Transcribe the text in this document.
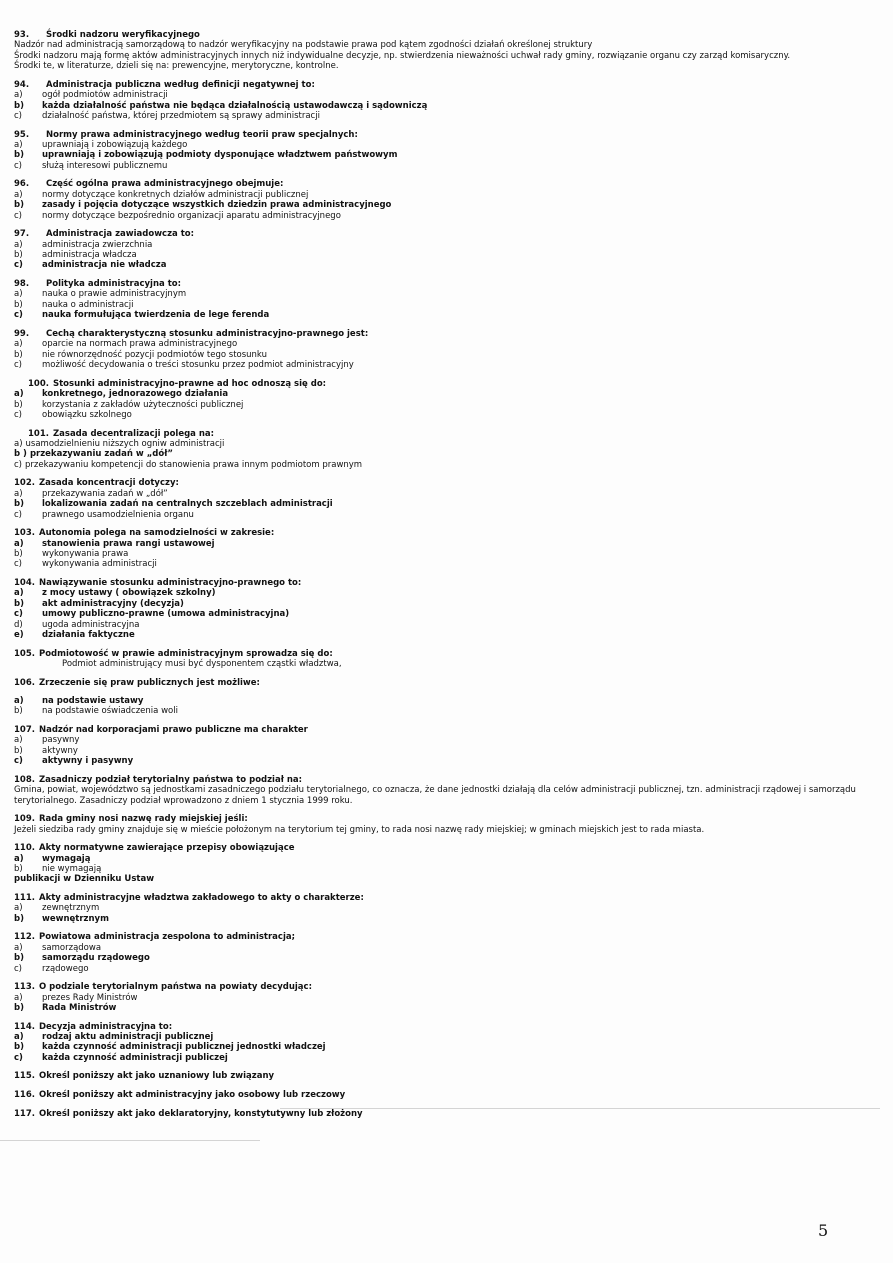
93. Środki nadzoru weryfikacyjnego
Nadzór nad administracją samorządową to nadzór weryfikacyjny na podstawie prawa pod kątem zgodności działań określonej struktury
Środki nadzoru mają formę aktów administracyjnych innych niż indywidualne decyzje, np. stwierdzenia nieważności uchwał rady gminy, rozwiązanie organu czy zarząd komisaryczny.
Środki te, w literaturze, dzieli się na: prewencyjne, merytoryczne, kontrolne.
94. Administracja publiczna według definicji negatywnej to:
a)	ogół podmiotów administracji
b)	każda działalność państwa nie będąca działalnością ustawodawczą i sądowniczą
c)	działalność państwa, której przedmiotem są sprawy administracji
95. Normy prawa administracyjnego według teorii praw specjalnych:
a)	uprawniają i zobowiązują każdego
b)	uprawniają i zobowiązują podmioty dysponujące władztwem państwowym
c)	służą interesowi publicznemu
96. Część ogólna prawa administracyjnego obejmuje:
a)	normy dotyczące konkretnych działów administracji publicznej
b)	zasady i pojęcia dotyczące wszystkich dziedzin prawa administracyjnego
c)	normy dotyczące bezpośrednio organizacji aparatu administracyjnego
97. Administracja zawiadowcza to:
a)	administracja zwierzchnia
b)	administracja władcza
c)	administracja nie władcza
98. Polityka administracyjna to:
a)	nauka o prawie administracyjnym
b)	nauka o administracji
c)	nauka formułująca twierdzenia de lege ferenda
99. Cechą charakterystyczną stosunku administracyjno-prawnego jest:
a)	oparcie na normach prawa administracyjnego
b)	nie równorzędność pozycji podmiotów tego stosunku
c)	możliwość decydowania o treści stosunku przez podmiot administracyjny
100. Stosunki administracyjno-prawne ad hoc odnoszą się do:
a)	konkretnego, jednorazowego działania
b)	korzystania z zakładów użyteczności publicznej
c)	obowiązku szkolnego
101. Zasada decentralizacji polega na:
a) usamodzielnieniu niższych ogniw administracji
b ) przekazywaniu zadań w „dół”
c) przekazywaniu kompetencji do stanowienia prawa innym podmiotom prawnym
102. Zasada koncentracji dotyczy:
a)	przekazywania zadań w „dół”
b)	lokalizowania zadań na centralnych szczeblach administracji
c)	prawnego usamodzielnienia organu
103. Autonomia polega na samodzielności w zakresie:
a)	stanowienia prawa rangi ustawowej
b)	wykonywania prawa
c)	wykonywania administracji
104. Nawiązywanie stosunku administracyjno-prawnego to:
a)	z mocy ustawy ( obowiązek szkolny)
b)	akt administracyjny (decyzja)
c)	umowy publiczno-prawne (umowa administracyjna)
d)	ugoda administracyjna
e)	działania faktyczne
105. Podmiotowość w prawie administracyjnym sprowadza się do:
Podmiot administrujący musi być dysponentem cząstki władztwa,
106. Zrzeczenie się praw publicznych jest możliwe:
a)	na podstawie ustawy
b)	na podstawie oświadczenia woli
107. Nadzór nad korporacjami prawo publiczne ma charakter
a)	pasywny
b)	aktywny
c)	aktywny i pasywny
108. Zasadniczy podział terytorialny państwa to podział na:
Gmina, powiat, województwo są jednostkami zasadniczego podziału terytorialnego, co oznacza, że dane jednostki działają dla celów administracji publicznej, tzn. administracji rządowej i samorządu terytorialnego. Zasadniczy podział wprowadzono z dniem 1 stycznia 1999 roku.
109. Rada gminy nosi nazwę rady miejskiej jeśli:
Jeżeli siedziba rady gminy znajduje się w mieście położonym na terytorium tej gminy, to rada nosi nazwę rady miejskiej; w gminach miejskich jest to rada miasta.
110. Akty normatywne zawierające przepisy obowiązujące
a)	wymagają
b)	nie wymagają
publikacji w Dzienniku Ustaw
111. Akty administracyjne władztwa zakładowego to akty o charakterze:
a)	zewnętrznym
b)	wewnętrznym
112. Powiatowa administracja zespolona to administracja;
a)	samorządowa
b)	samorządu rządowego
c)	rządowego
113. O podziale terytorialnym państwa na powiaty decydując:
a)	prezes Rady Ministrów
b)	Rada Ministrów
114. Decyzja administracyjna to:
a)	rodzaj aktu administracji publicznej
b)	każda czynność administracji publicznej jednostki władczej
c)	każda czynność administracji publiczej
115. Określ poniższy akt jako uznaniowy lub związany
116. Określ poniższy akt administracyjny jako osobowy lub rzeczowy
117. Określ poniższy akt jako deklaratoryjny, konstytutywny lub złożony
5
